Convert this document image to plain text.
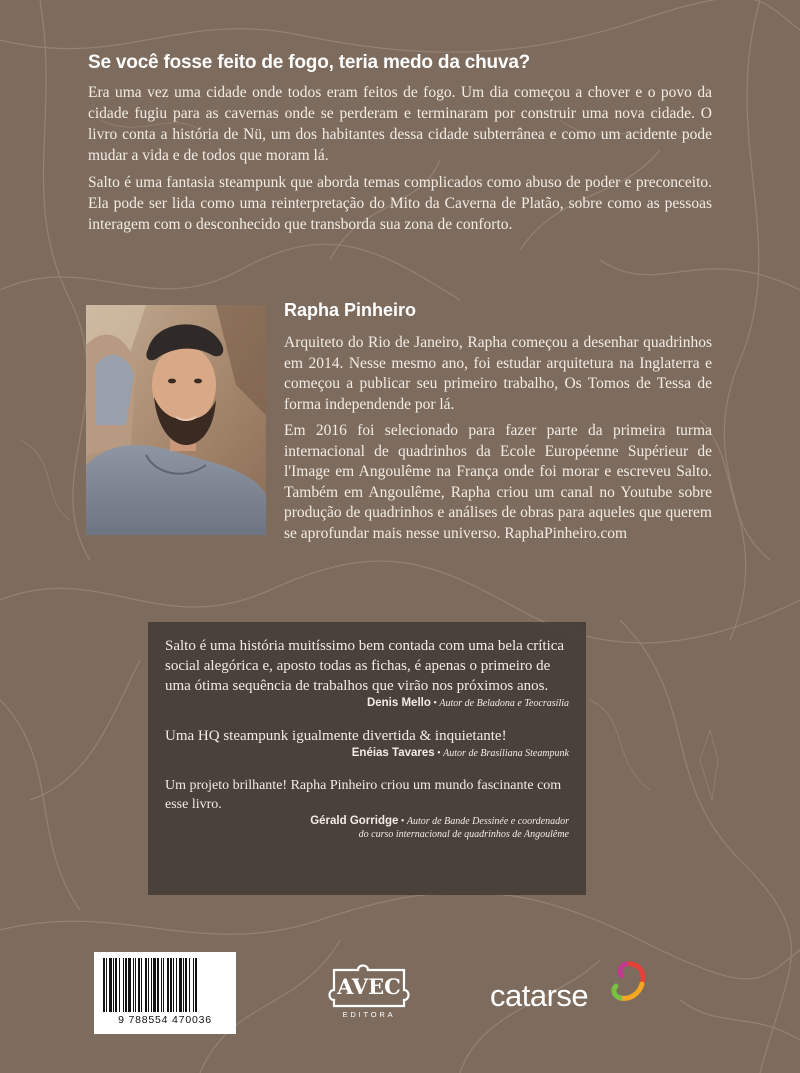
Se você fosse feito de fogo, teria medo da chuva?

Era uma vez uma cidade onde todos eram feitos de fogo. Um dia começou a chover e o povo da cidade fugiu para as cavernas onde se perderam e terminaram por construir uma nova cidade. O livro conta a história de Nü, um dos habitantes dessa cidade subterrânea e como um acidente pode mudar a vida e de todos que moram lá.

Salto é uma fantasia steampunk que aborda temas complicados como abuso de poder e preconceito. Ela pode ser lida como uma reinterpretação do Mito da Caverna de Platão, sobre como as pessoas interagem com o desconhecido que transborda sua zona de conforto.

Rapha Pinheiro

Arquiteto do Rio de Janeiro, Rapha começou a desenhar quadrinhos em 2014. Nesse mesmo ano, foi estudar arquitetura na Inglaterra e começou a publicar seu primeiro trabalho, Os Tomos de Tessa de forma independende por lá.

Em 2016 foi selecionado para fazer parte da primeira turma internacional de quadrinhos da Ecole Européenne Supérieur de l'Image em Angoulême na França onde foi morar e escreveu Salto. Também em Angoulême, Rapha criou um canal no Youtube sobre produção de quadrinhos e análises de obras para aqueles que querem se aprofundar mais nesse universo. RaphaPinheiro.com

Salto é uma história muitíssimo bem contada com uma bela crítica social alegórica e, aposto todas as fichas, é apenas o primeiro de uma ótima sequência de trabalhos que virão nos próximos anos.

Denis Mello • Autor de Beladona e Teocrasília

Uma HQ steampunk igualmente divertida & inquietante!

Enéias Tavares • Autor de Brasiliana Steampunk

Um projeto brilhante! Rapha Pinheiro criou um mundo fascinante com esse livro.

Gérald Gorridge • Autor de Bande Dessinée e coordenador
do curso internacional de quadrinhos de Angoulême
9 788554 470036
AVEC
EDITORA
catarse
